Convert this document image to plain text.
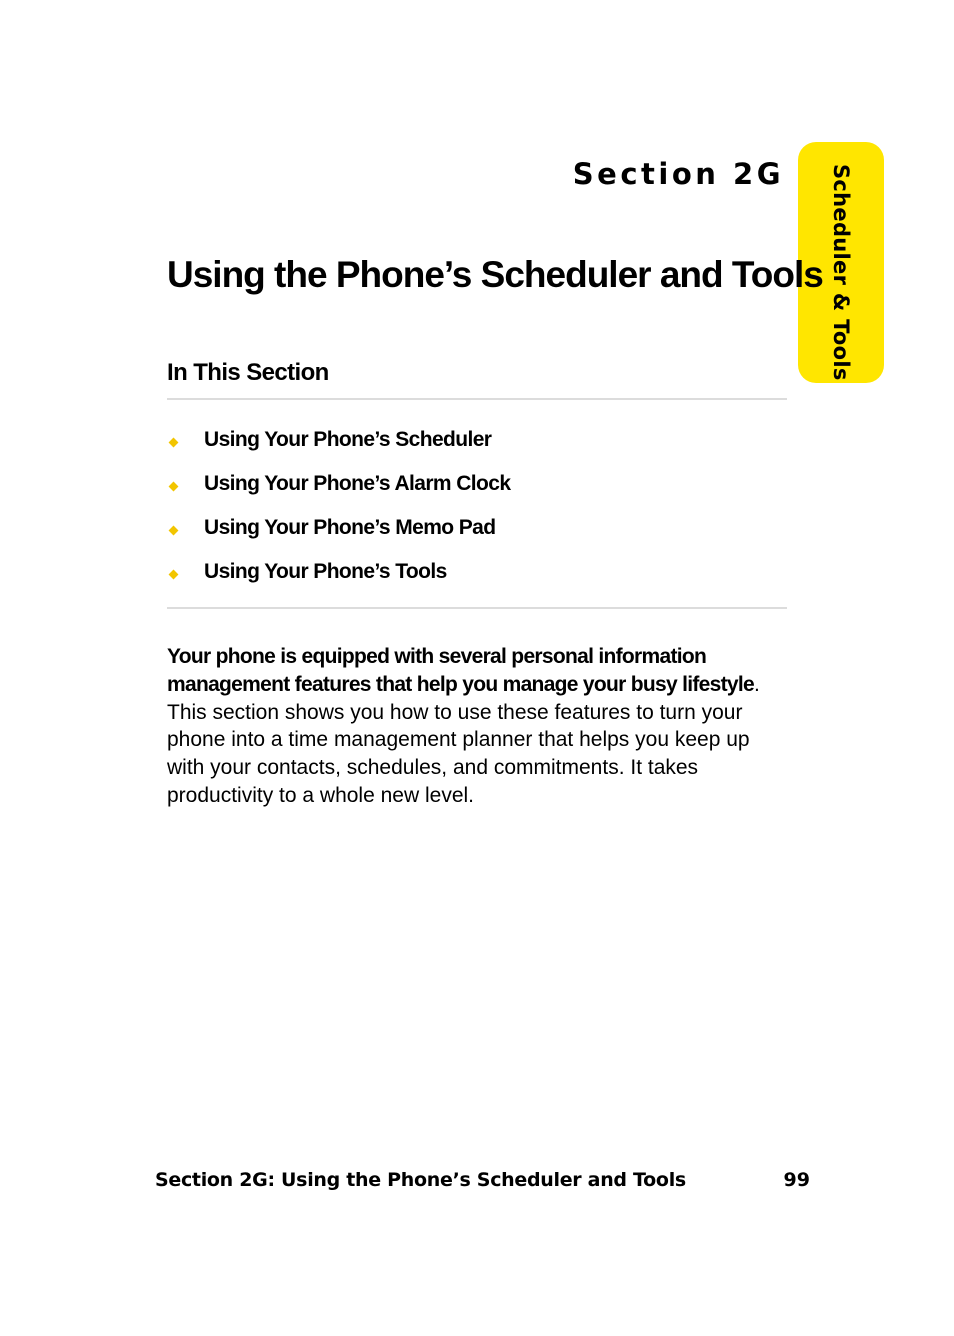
Scheduler & Tools

Section 2G

Using the Phone’s Scheduler and Tools
In This Section
Using Your Phone’s Scheduler
Using Your Phone’s Alarm Clock
Using Your Phone’s Memo Pad
Using Your Phone’s Tools

Your phone is equipped with several personal information management features that help you manage your busy lifestyle. This section shows you how to use these features to turn your phone into a time management planner that helps you keep up with your contacts, schedules, and commitments. It takes productivity to a whole new level.

Section 2G: Using the Phone’s Scheduler and Tools	99
